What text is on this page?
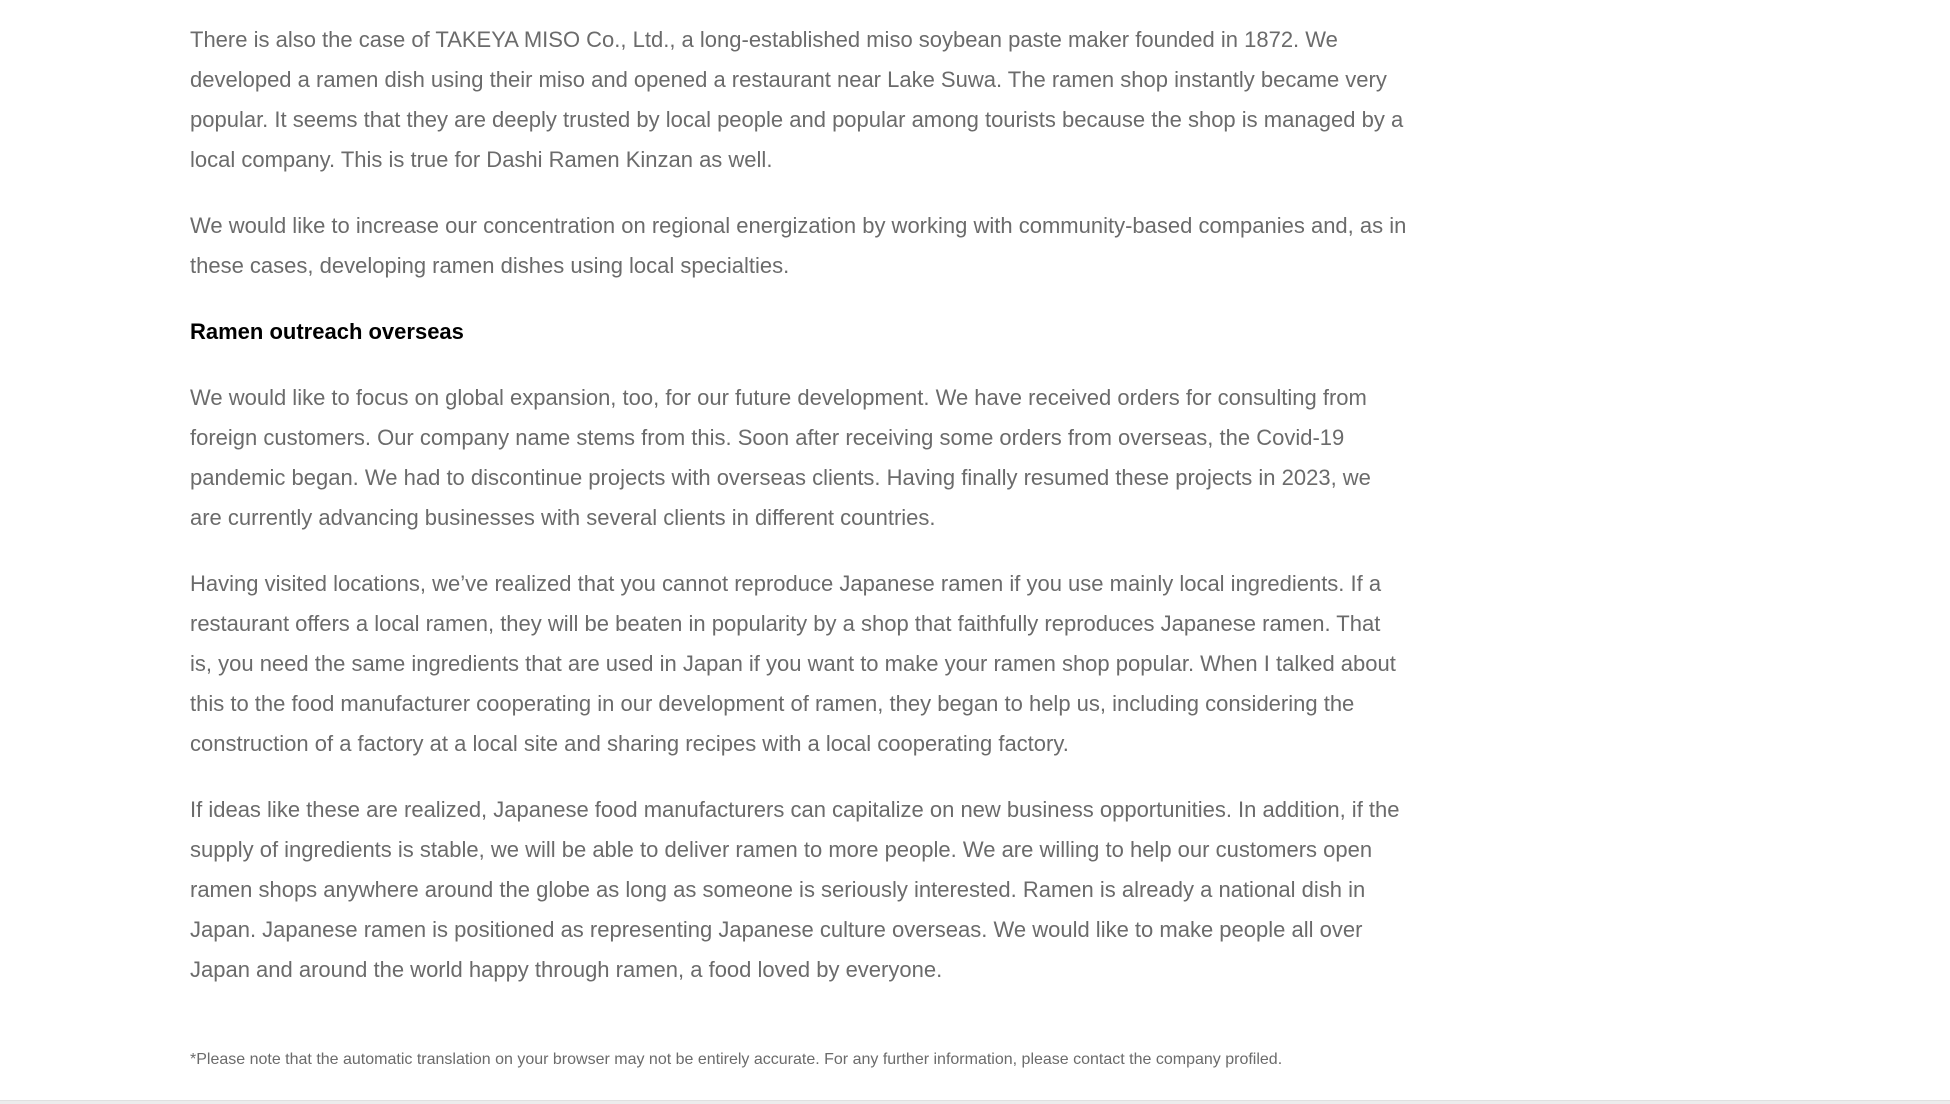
There is also the case of TAKEYA MISO Co., Ltd., a long-established miso soybean paste maker founded in 1872. We developed a ramen dish using their miso and opened a restaurant near Lake Suwa. The ramen shop instantly became very popular. It seems that they are deeply trusted by local people and popular among tourists because the shop is managed by a local company. This is true for Dashi Ramen Kinzan as well.

We would like to increase our concentration on regional energization by working with community-based companies and, as in these cases, developing ramen dishes using local specialties.

Ramen outreach overseas

We would like to focus on global expansion, too, for our future development. We have received orders for consulting from foreign customers. Our company name stems from this. Soon after receiving some orders from overseas, the Covid-19 pandemic began. We had to discontinue projects with overseas clients. Having finally resumed these projects in 2023, we are currently advancing businesses with several clients in different countries.

Having visited locations, we’ve realized that you cannot reproduce Japanese ramen if you use mainly local ingredients. If a restaurant offers a local ramen, they will be beaten in popularity by a shop that faithfully reproduces Japanese ramen. That is, you need the same ingredients that are used in Japan if you want to make your ramen shop popular. When I talked about this to the food manufacturer cooperating in our development of ramen, they began to help us, including considering the construction of a factory at a local site and sharing recipes with a local cooperating factory.

If ideas like these are realized, Japanese food manufacturers can capitalize on new business opportunities. In addition, if the supply of ingredients is stable, we will be able to deliver ramen to more people. We are willing to help our customers open ramen shops anywhere around the globe as long as someone is seriously interested. Ramen is already a national dish in Japan. Japanese ramen is positioned as representing Japanese culture overseas. We would like to make people all over Japan and around the world happy through ramen, a food loved by everyone.

*Please note that the automatic translation on your browser may not be entirely accurate. For any further information, please contact the company profiled.
